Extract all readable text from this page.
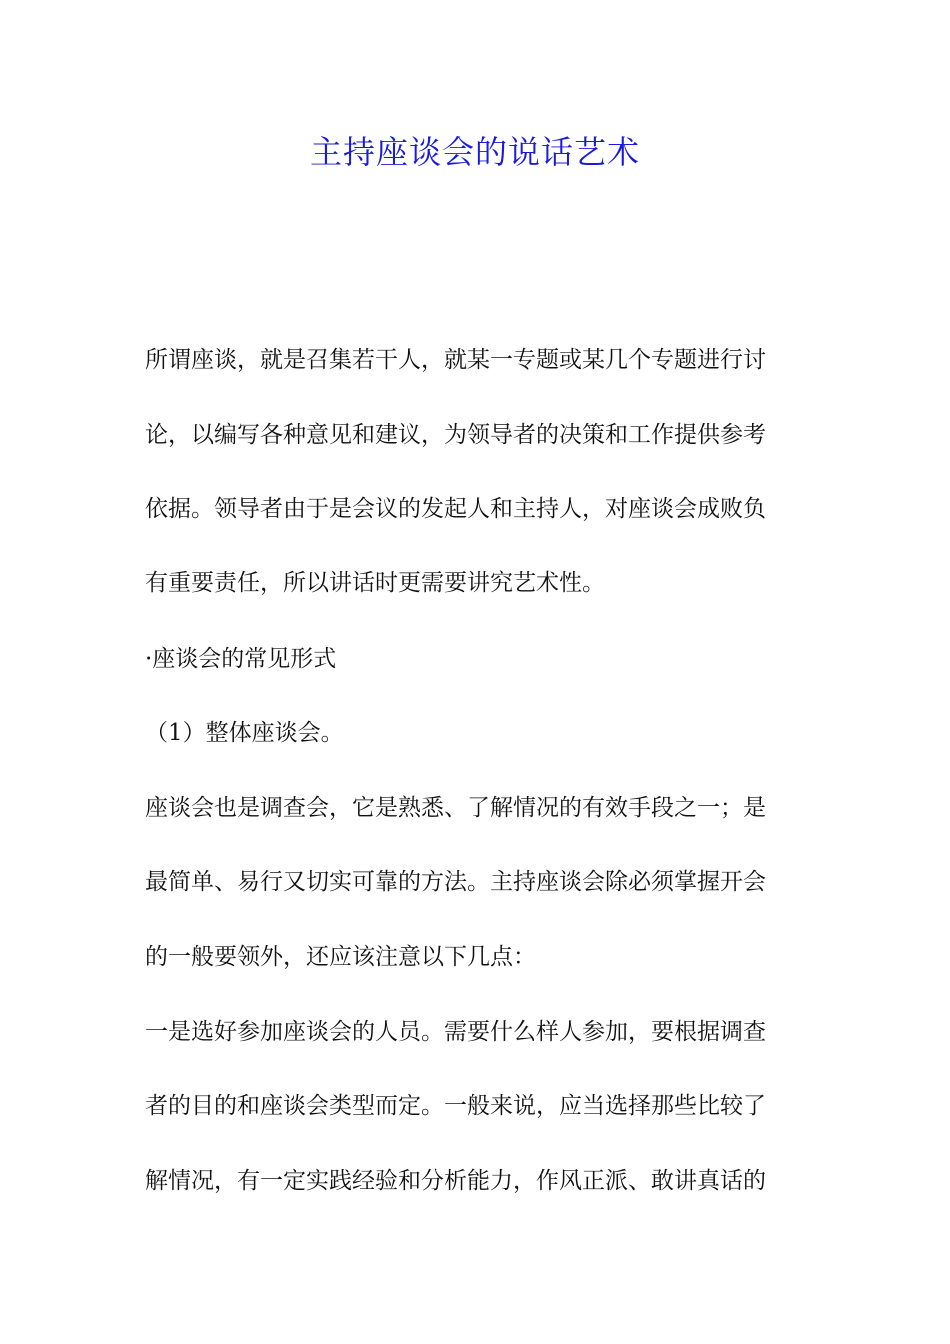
主持座谈会的说话艺术
所谓座谈，就是召集若干人，就某一专题或某几个专题进行讨
论，以编写各种意见和建议，为领导者的决策和工作提供参考
依据。领导者由于是会议的发起人和主持人，对座谈会成败负
有重要责任，所以讲话时更需要讲究艺术性。
·座谈会的常见形式
（1）整体座谈会。
座谈会也是调查会，它是熟悉、了解情况的有效手段之一；是
最简单、易行又切实可靠的方法。主持座谈会除必须掌握开会
的一般要领外，还应该注意以下几点：
一是选好参加座谈会的人员。需要什么样人参加，要根据调查
者的目的和座谈会类型而定。一般来说，应当选择那些比较了
解情况，有一定实践经验和分析能力，作风正派、敢讲真话的
